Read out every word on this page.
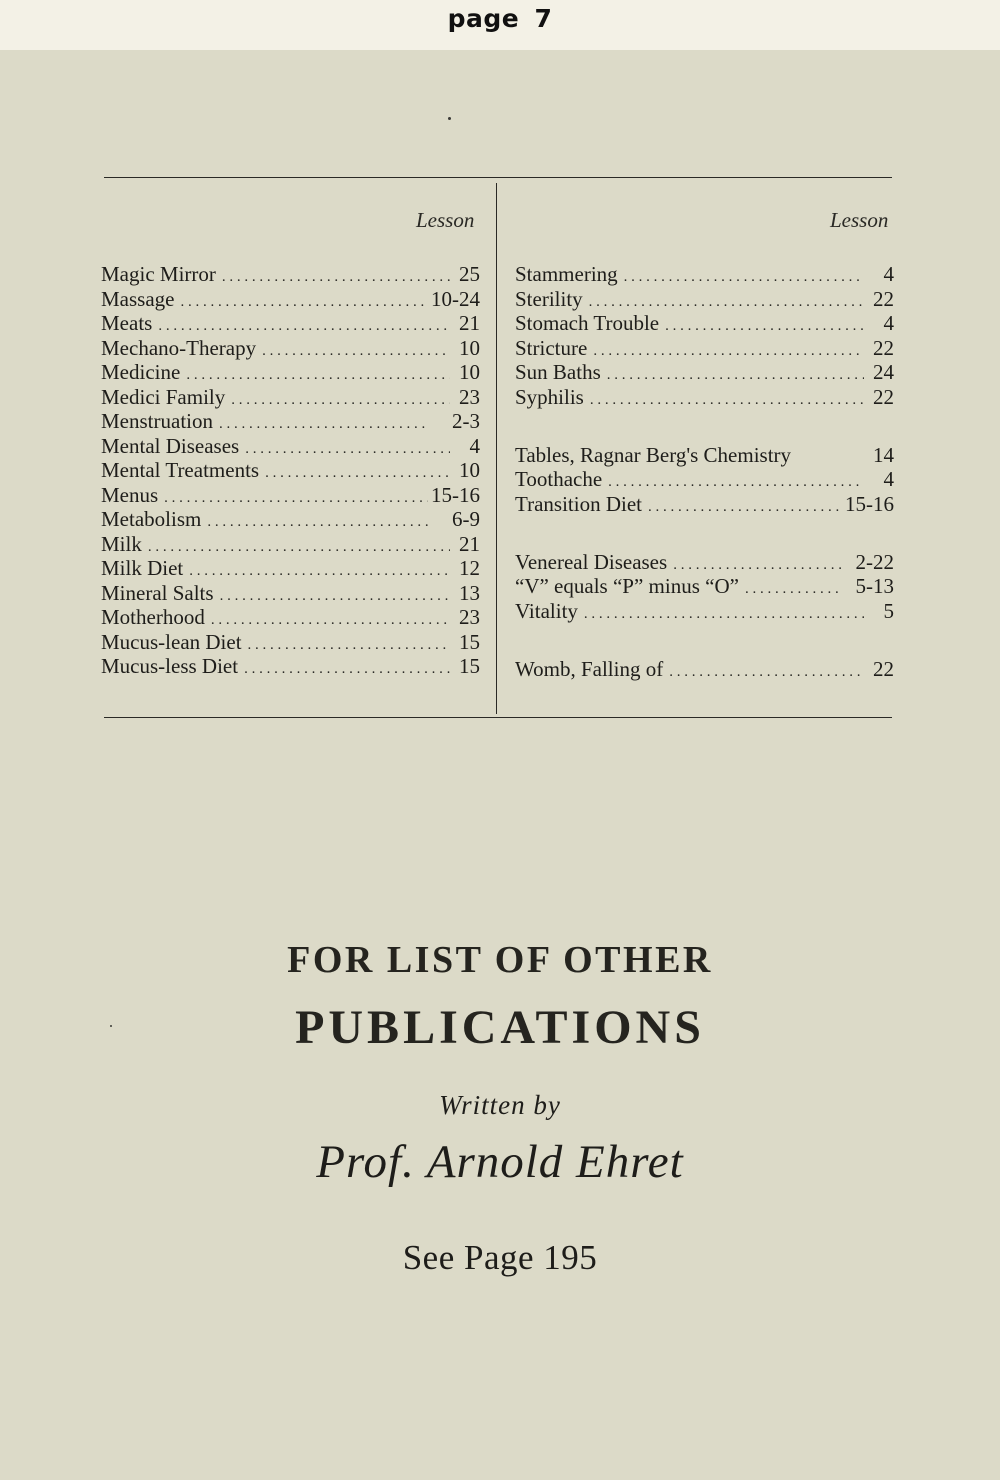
page 7
Lesson	Lesson
Magic Mirror . . .	25
Massage . . .	10-24
Meats . . .	21
Mechano-Therapy . . .	10
Medicine . . .	10
Medici Family . . .	23
Menstruation . . .	2-3
Mental Diseases . . .	4
Mental Treatments . . .	10
Menus . . .	15-16
Metabolism . . .	6-9
Milk . . .	21
Milk Diet . . .	12
Mineral Salts . . .	13
Motherhood . . .	23
Mucus-lean Diet . . .	15
Mucus-less Diet . . .	15
Stammering . . .	4
Sterility . . .	22
Stomach Trouble . . .	4
Stricture . . .	22
Sun Baths . . .	24
Syphilis . . .	22
Tables, Ragnar Berg's Chemistry	14
Toothache . . .	4
Transition Diet . . .	15-16
Venereal Diseases . . .	2-22
“V” equals “P” minus “O” . . .	5-13
Vitality . . .	5
Womb, Falling of . . .	22
FOR LIST OF OTHER
PUBLICATIONS
Written by
Prof. Arnold Ehret
See Page 195
